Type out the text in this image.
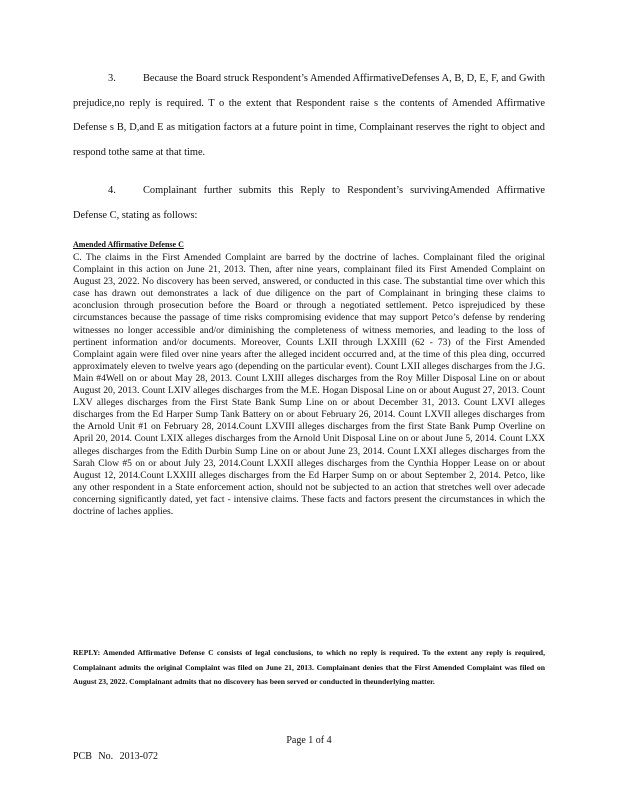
3.	Because the Board struck Respondent’s Amended AffirmativeDefenses A, B, D, E, F, and Gwith prejudice,no reply is required. T o the extent that Respondent raise s the contents of Amended Affirmative Defense s B, D,and E as mitigation factors at a future point in time, Complainant reserves the right to object and respond tothe same at that time.
4.	Complainant further submits this Reply to Respondent’s survivingAmended Affirmative Defense C, stating as follows:
Amended Affirmative Defense C
C. The claims in the First Amended Complaint are barred by the doctrine of laches. Complainant filed the original Complaint in this action on June 21, 2013. Then, after nine years, complainant filed its First Amended Complaint on August 23, 2022. No discovery has been served, answered, or conducted in this case. The substantial time over which this case has drawn out demonstrates a lack of due diligence on the part of Complainant in bringing these claims to aconclusion through prosecution before the Board or through a negotiated settlement. Petco isprejudiced by these circumstances because the passage of time risks compromising evidence that may support Petco’s defense by rendering witnesses no longer accessible and/or diminishing the completeness of witness memories, and leading to the loss of pertinent information and/or documents. Moreover, Counts LXII through LXXIII (62 - 73) of the First Amended Complaint again were filed over nine years after the alleged incident occurred and, at the time of this plea ding, occurred approximately eleven to twelve years ago (depending on the particular event). Count LXII alleges discharges from the J.G. Main #4Well on or about May 28, 2013. Count LXIII alleges discharges from the Roy Miller Disposal Line on or about August 20, 2013. Count LXIV alleges discharges from the M.E. Hogan Disposal Line on or about August 27, 2013. Count LXV alleges discharges from the First State Bank Sump Line on or about December 31, 2013. Count LXVI alleges discharges from the Ed Harper Sump Tank Battery on or about February 26, 2014. Count LXVII alleges discharges from the Arnold Unit #1 on February 28, 2014.Count LXVIII alleges discharges from the first State Bank Pump Overline on April 20, 2014. Count LXIX alleges discharges from the Arnold Unit Disposal Line on or about June 5, 2014. Count LXX alleges discharges from the Edith Durbin Sump Line on or about June 23, 2014. Count LXXI alleges discharges from the Sarah Clow #5 on or about July 23, 2014.Count LXXII alleges discharges from the Cynthia Hopper Lease on or about August 12, 2014.Count LXXIII alleges discharges from the Ed Harper Sump on or about September 2, 2014. Petco, like any other respondent in a State enforcement action, should not be subjected to an action that stretches well over adecade concerning significantly dated, yet fact - intensive claims. These facts and factors present the circumstances in which the doctrine of laches applies.
REPLY: Amended Affirmative Defense C consists of legal conclusions, to which no reply is required. To the extent any reply is required, Complainant admits the original Complaint was filed on June 21, 2013. Complainant denies that the First Amended Complaint was filed on August 23, 2022. Complainant admits that no discovery has been served or conducted in theunderlying matter.
Page 1 of 4
PCB No. 2013-072
